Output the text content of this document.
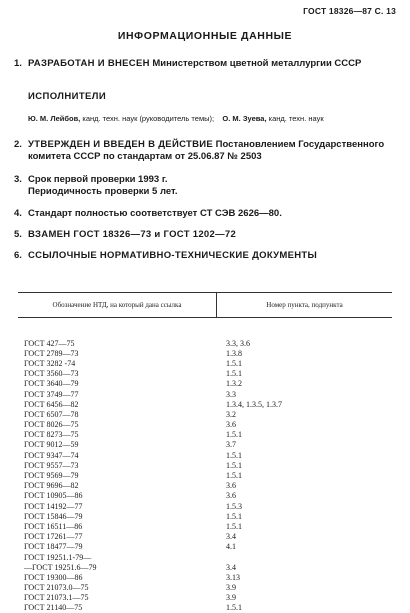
ГОСТ 18326—87 С. 13
ИНФОРМАЦИОННЫЕ ДАННЫЕ
1. РАЗРАБОТАН И ВНЕСЕН Министерством цветной металлургии СССР
ИСПОЛНИТЕЛИ
Ю. М. Лейбов, канд. техн. наук (руководитель темы); О. М. Зуева, канд. техн. наук
2. УТВЕРЖДЕН И ВВЕДЕН В ДЕЙСТВИЕ Постановлением Государственного комитета СССР по стандартам от 25.06.87 № 2503
3. Срок первой проверки 1993 г.
Периодичность проверки 5 лет.
4. Стандарт полностью соответствует СТ СЭВ 2626—80.
5. ВЗАМЕН ГОСТ 18326—73 и ГОСТ 1202—72
6. ССЫЛОЧНЫЕ НОРМАТИВНО-ТЕХНИЧЕСКИЕ ДОКУМЕНТЫ
Обозначение НТД, на который дана ссылка	Номер пункта, подпункта
ГОСТ 427—75	3.3, 3.6
ГОСТ 2789—73	1.3.8
ГОСТ 3282 -74	1.5.1
ГОСТ 3560—73	1.5.1
ГОСТ 3640—79	1.3.2
ГОСТ 3749—77	3.3
ГОСТ 6456—82	1.3.4, 1.3.5, 1.3.7
ГОСТ 6507—78	3.2
ГОСТ 8026—75	3.6
ГОСТ 8273—75	1.5.1
ГОСТ 9012—59	3.7
ГОСТ 9347—74	1.5.1
ГОСТ 9557—73	1.5.1
ГОСТ 9569—79	1.5.1
ГОСТ 9696—82	3.6
ГОСТ 10905—86	3.6
ГОСТ 14192—77	1.5.3
ГОСТ 15846—79	1.5.1
ГОСТ 16511—86	1.5.1
ГОСТ 17261—77	3.4
ГОСТ 18477—79	4.1
ГОСТ 19251.1-79—
—ГОСТ 19251.6—79	3.4
ГОСТ 19300—86	3.13
ГОСТ 21073.0—75	3.9
ГОСТ 21073.1—75	3.9
ГОСТ 21140—75	1.5.1
